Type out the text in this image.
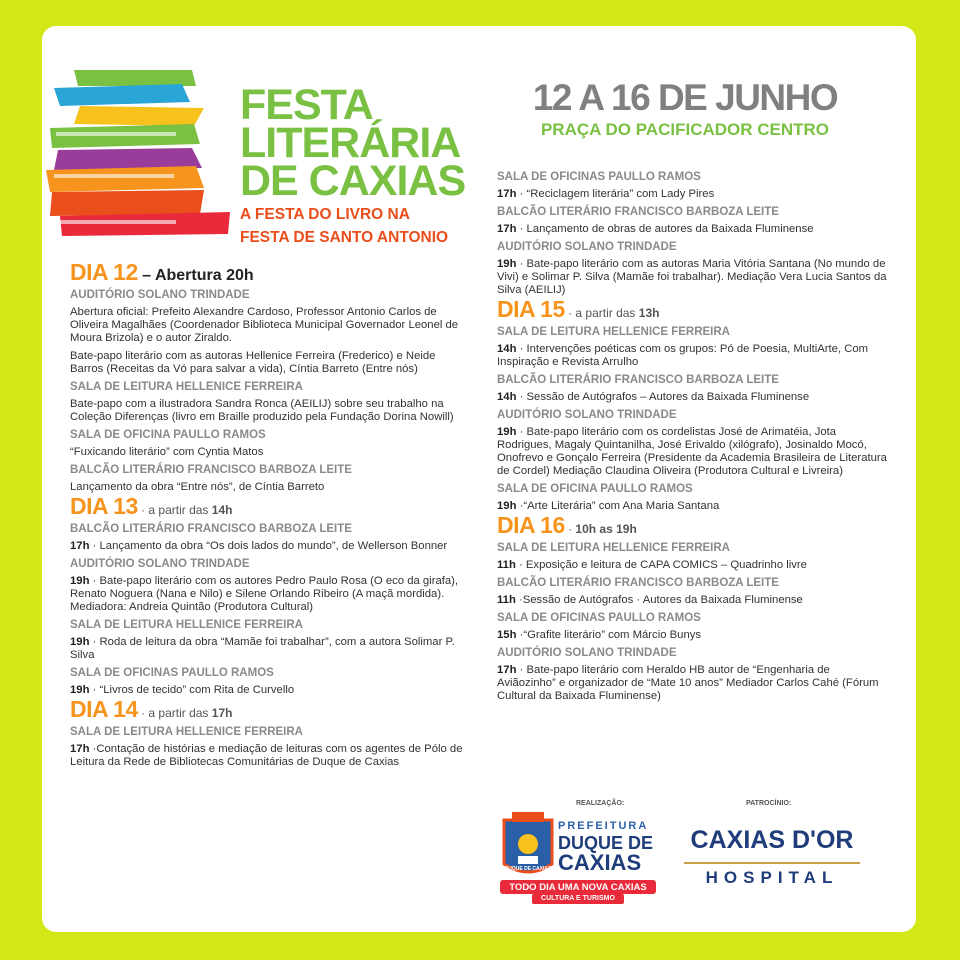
FESTA
LITERÁRIA
DE CAXIAS
A FESTA DO LIVRO NA
FESTA DE SANTO ANTONIO
12 A 16 DE JUNHO
PRAÇA DO PACIFICADOR CENTRO
DIA 12 – Abertura 20h
AUDITÓRIO SOLANO TRINDADE
Abertura oficial: Prefeito Alexandre Cardoso, Professor Antonio Carlos de Oliveira Magalhães (Coordenador Biblioteca Municipal Governador Leonel de Moura Brizola) e o autor Ziraldo.
Bate-papo literário com as autoras Hellenice Ferreira (Frederico) e Neide Barros (Receitas da Vó para salvar a vida), Cíntia Barreto (Entre nós)
SALA DE LEITURA HELLENICE FERREIRA
Bate-papo com a ilustradora Sandra Ronca (AEILIJ) sobre seu trabalho na Coleção Diferenças (livro em Braille produzido pela Fundação Dorina Nowill)
SALA DE OFICINA PAULLO RAMOS
“Fuxicando literário” com Cyntia Matos
BALCÃO LITERÁRIO FRANCISCO BARBOZA LEITE
Lançamento da obra “Entre nós”, de Cíntia Barreto
DIA 13 · a partir das 14h
BALCÃO LITERÁRIO FRANCISCO BARBOZA LEITE
17h · Lançamento da obra “Os dois lados do mundo”, de Wellerson Bonner
AUDITÓRIO SOLANO TRINDADE
19h · Bate-papo literário com os autores Pedro Paulo Rosa (O eco da girafa), Renato Noguera (Nana e Nilo) e Silene Orlando Ribeiro (A maçã mordida). Mediadora: Andreia Quintão (Produtora Cultural)
SALA DE LEITURA HELLENICE FERREIRA
19h · Roda de leitura da obra “Mamãe foi trabalhar”, com a autora Solimar P. Silva
SALA DE OFICINAS PAULLO RAMOS
19h · “Livros de tecido” com Rita de Curvello
DIA 14 · a partir das 17h
SALA DE LEITURA HELLENICE FERREIRA
17h ·Contação de histórias e mediação de leituras com os agentes de Pólo de Leitura da Rede de Bibliotecas Comunitárias de Duque de Caxias
SALA DE OFICINAS PAULLO RAMOS
17h · “Reciclagem literária” com Lady Pires
BALCÃO LITERÁRIO FRANCISCO BARBOZA LEITE
17h · Lançamento de obras de autores da Baixada Fluminense
AUDITÓRIO SOLANO TRINDADE
19h · Bate-papo literário com as autoras Maria Vitória Santana (No mundo de Vivi) e Solimar P. Silva (Mamãe foi trabalhar). Mediação Vera Lucia Santos da Silva (AEILIJ)
DIA 15 · a partir das 13h
SALA DE LEITURA HELLENICE FERREIRA
14h · Intervenções poéticas com os grupos: Pó de Poesia, MultiArte, Com Inspiração e Revista Arrulho
BALCÃO LITERÁRIO FRANCISCO BARBOZA LEITE
14h · Sessão de Autógrafos – Autores da Baixada Fluminense
AUDITÓRIO SOLANO TRINDADE
19h · Bate-papo literário com os cordelistas José de Arimatéia, Jota Rodrigues, Magaly Quintanilha, José Erivaldo (xilógrafo), Josinaldo Mocó, Onofrevo e Gonçalo Ferreira (Presidente da Academia Brasileira de Literatura de Cordel) Mediação Claudina Oliveira (Produtora Cultural e Livreira)
SALA DE OFICINA PAULLO RAMOS
19h ·“Arte Literária” com Ana Maria Santana
DIA 16 · 10h as 19h
SALA DE LEITURA HELLENICE FERREIRA
11h · Exposição e leitura de CAPA COMICS – Quadrinho livre
BALCÃO LITERÁRIO FRANCISCO BARBOZA LEITE
11h ·Sessão de Autógrafos · Autores da Baixada Fluminense
SALA DE OFICINAS PAULLO RAMOS
15h ·“Grafite literário” com Márcio Bunys
AUDITÓRIO SOLANO TRINDADE
17h · Bate-papo literário com Heraldo HB autor de “Engenharia de Aviãozinho” e organizador de “Mate 10 anos” Mediador Carlos Cahé (Fórum Cultural da Baixada Fluminense)
REALIZAÇÃO:	PATROCÍNIO:
DUQUE DE CAXIAS
PREFEITURA
DUQUE DE
CAXIAS
TODO DIA UMA NOVA CAXIAS
CULTURA E TURISMO
CAXIAS D'OR
HOSPITAL
